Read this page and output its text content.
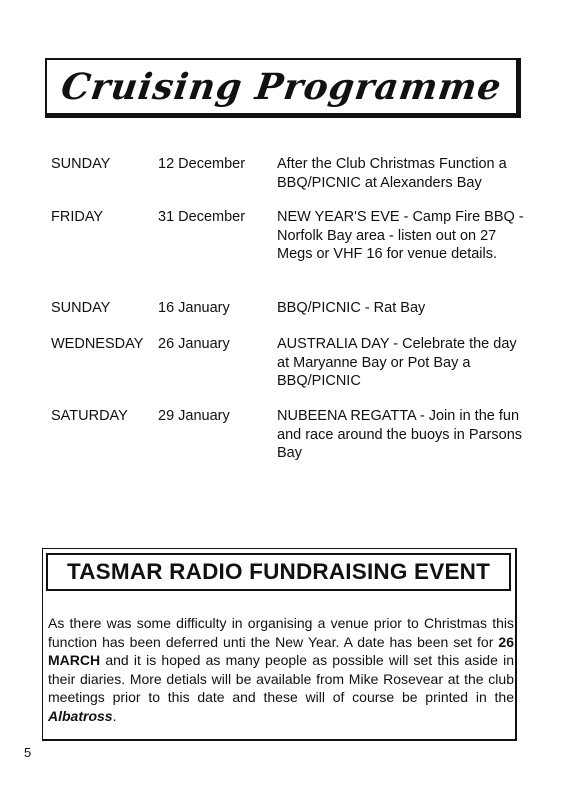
Cruising Programme
SUNDAY	12 December After the Club Christmas Function a BBQ/PICNIC at Alexanders Bay
FRIDAY	31 December NEW YEAR'S EVE - Camp Fire BBQ - Norfolk Bay area - listen out on 27 Megs or VHF 16 for venue details.
SUNDAY	16 January	BBQ/PICNIC - Rat Bay
WEDNESDAY 26 January	AUSTRALIA DAY - Celebrate the day at Maryanne Bay or Pot Bay a BBQ/PICNIC
SATURDAY 29 January	NUBEENA REGATTA - Join in the fun and race around the buoys in Parsons Bay
TASMAR RADIO FUNDRAISING EVENT
As there was some difficulty in organising a venue prior to Christmas this function has been deferred unti the New Year. A date has been set for 26 MARCH and it is hoped as many people as possible will set this aside in their diaries. More detials will be available from Mike Rosevear at the club meetings prior to this date and these will of course be printed in the Albatross.
5
